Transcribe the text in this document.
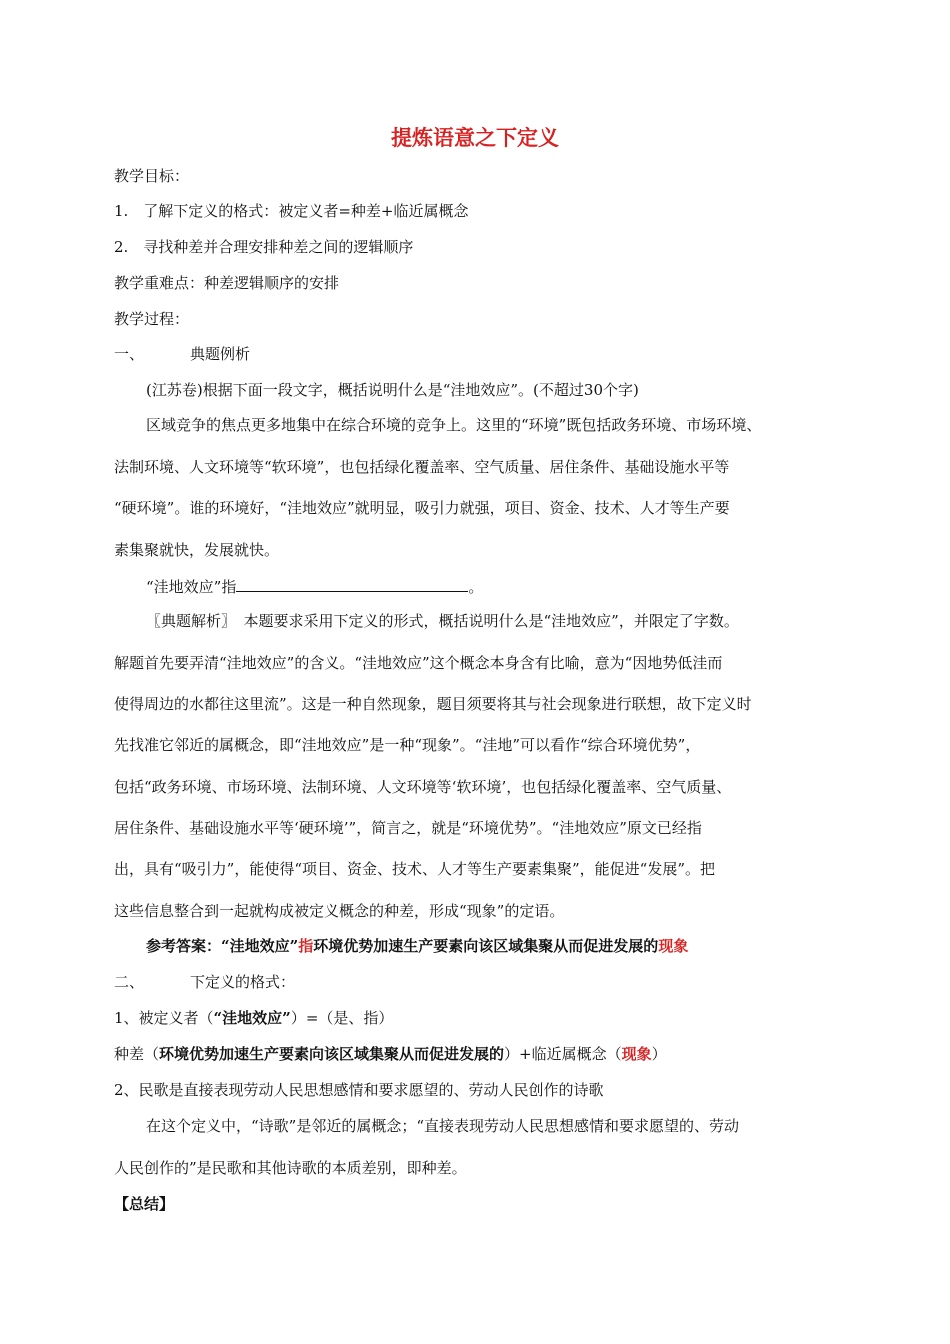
提炼语意之下定义
教学目标：
1.　了解下定义的格式：被定义者=种差+临近属概念
2.　寻找种差并合理安排种差之间的逻辑顺序
教学重难点：种差逻辑顺序的安排
教学过程：
一、	典题例析
(江苏卷)根据下面一段文字，概括说明什么是“洼地效应”。(不超过30个字)
区域竞争的焦点更多地集中在综合环境的竞争上。这里的“环境”既包括政务环境、市场环境、
法制环境、人文环境等“软环境”，也包括绿化覆盖率、空气质量、居住条件、基础设施水平等
“硬环境”。谁的环境好，“洼地效应”就明显，吸引力就强，项目、资金、技术、人才等生产要
素集聚就快，发展就快。
“洼地效应”指	。
〖典题解析〗　本题要求采用下定义的形式，概括说明什么是“洼地效应”，并限定了字数。
解题首先要弄清“洼地效应”的含义。“洼地效应”这个概念本身含有比喻，意为“因地势低洼而
使得周边的水都往这里流”。这是一种自然现象，题目须要将其与社会现象进行联想，故下定义时
先找准它邻近的属概念，即“洼地效应”是一种“现象”。“洼地”可以看作“综合环境优势”，
包括“政务环境、市场环境、法制环境、人文环境等‘软环境’，也包括绿化覆盖率、空气质量、
居住条件、基础设施水平等‘硬环境’”，简言之，就是“环境优势”。“洼地效应”原文已经指
出，具有“吸引力”，能使得“项目、资金、技术、人才等生产要素集聚”，能促进“发展”。把
这些信息整合到一起就构成被定义概念的种差，形成“现象”的定语。
参考答案：“洼地效应”指环境优势加速生产要素向该区域集聚从而促进发展的现象
二、	下定义的格式：
1、被定义者（“洼地效应”）=（是、指）
种差（环境优势加速生产要素向该区域集聚从而促进发展的）+临近属概念（现象）
2、民歌是直接表现劳动人民思想感情和要求愿望的、劳动人民创作的诗歌
在这个定义中，“诗歌”是邻近的属概念；“直接表现劳动人民思想感情和要求愿望的、劳动
人民创作的”是民歌和其他诗歌的本质差别，即种差。
【总结】
